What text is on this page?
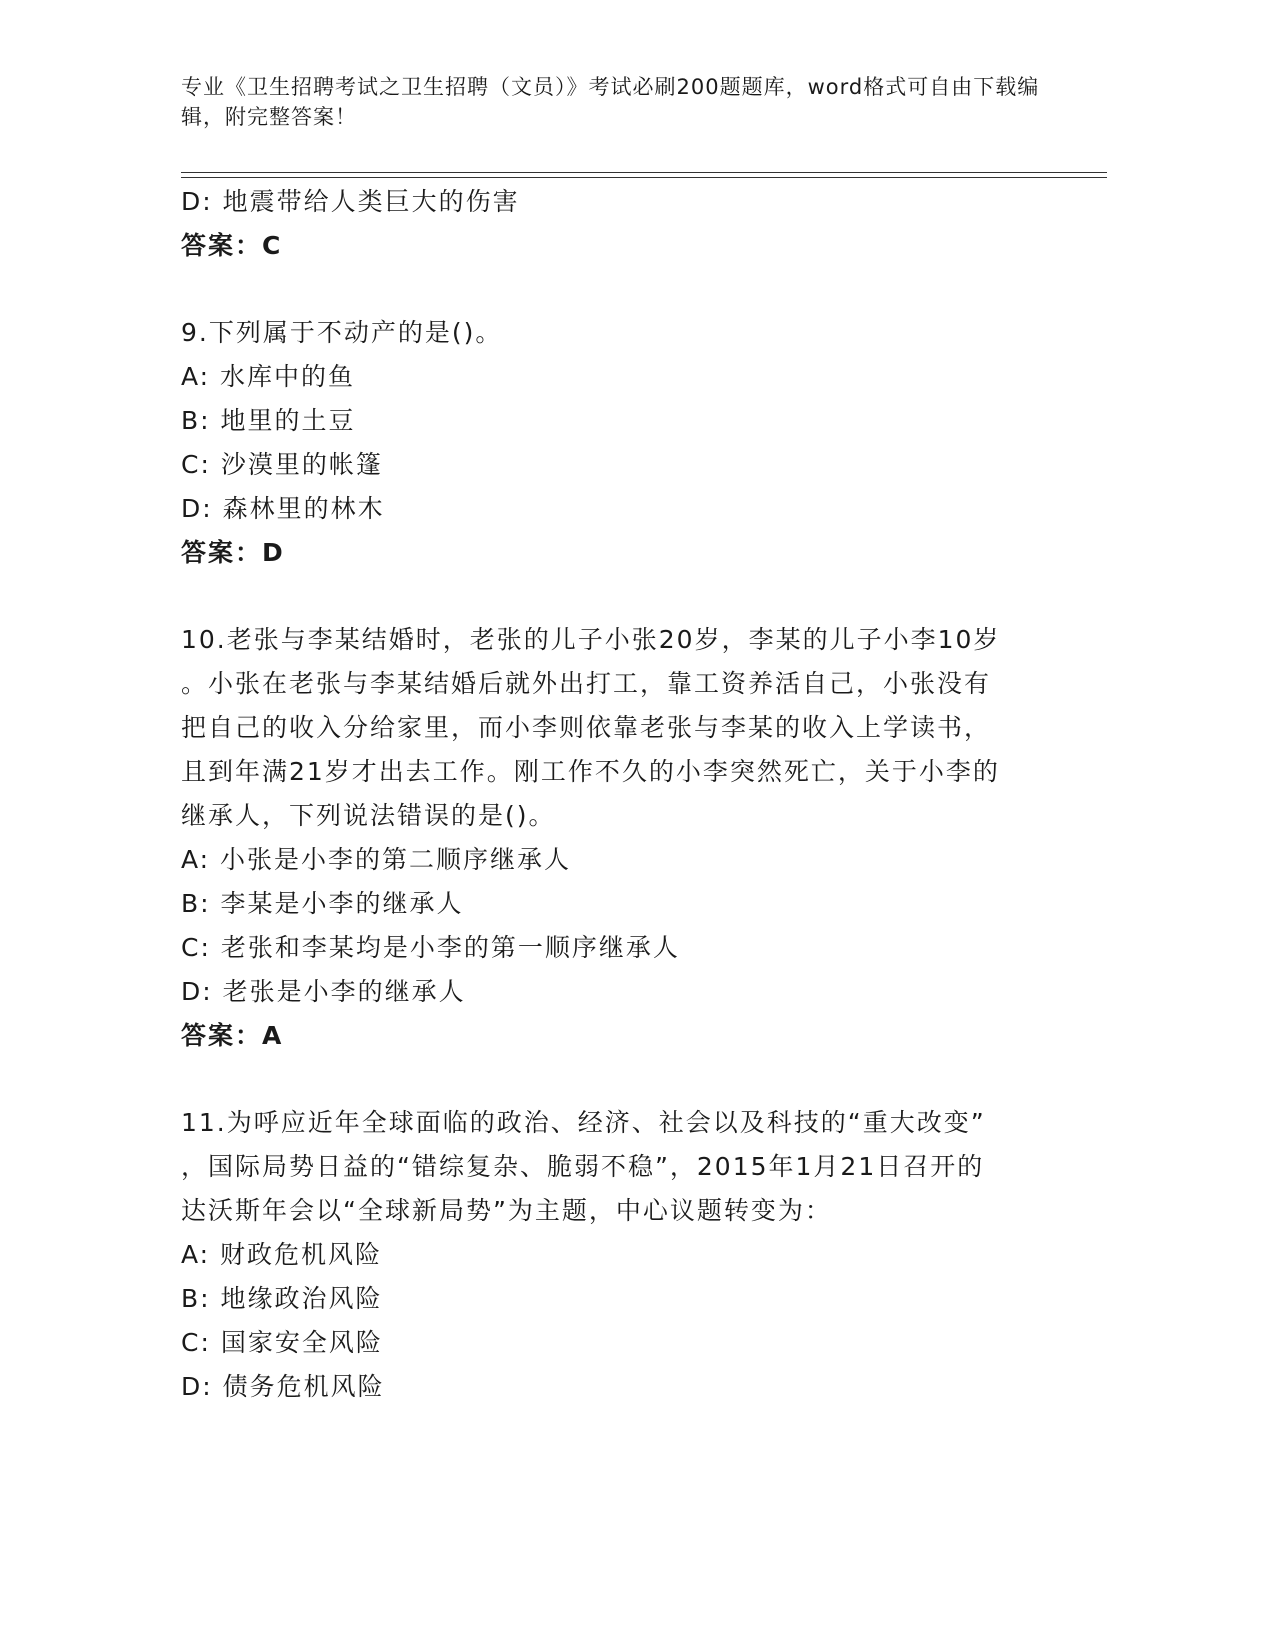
专业《卫生招聘考试之卫生招聘（文员）》考试必刷200题题库，word格式可自由下载编辑，附完整答案！
D: 地震带给人类巨大的伤害
答案：C
9.下列属于不动产的是()。
A: 水库中的鱼
B: 地里的土豆
C: 沙漠里的帐篷
D: 森林里的林木
答案：D
10.老张与李某结婚时，老张的儿子小张20岁，李某的儿子小李10岁
。小张在老张与李某结婚后就外出打工，靠工资养活自己，小张没有
把自己的收入分给家里，而小李则依靠老张与李某的收入上学读书，
且到年满21岁才出去工作。刚工作不久的小李突然死亡，关于小李的
继承人，下列说法错误的是()。
A: 小张是小李的第二顺序继承人
B: 李某是小李的继承人
C: 老张和李某均是小李的第一顺序继承人
D: 老张是小李的继承人
答案：A
11.为呼应近年全球面临的政治、经济、社会以及科技的“重大改变”
，国际局势日益的“错综复杂、脆弱不稳”，2015年1月21日召开的
达沃斯年会以“全球新局势”为主题，中心议题转变为：
A: 财政危机风险
B: 地缘政治风险
C: 国家安全风险
D: 债务危机风险
